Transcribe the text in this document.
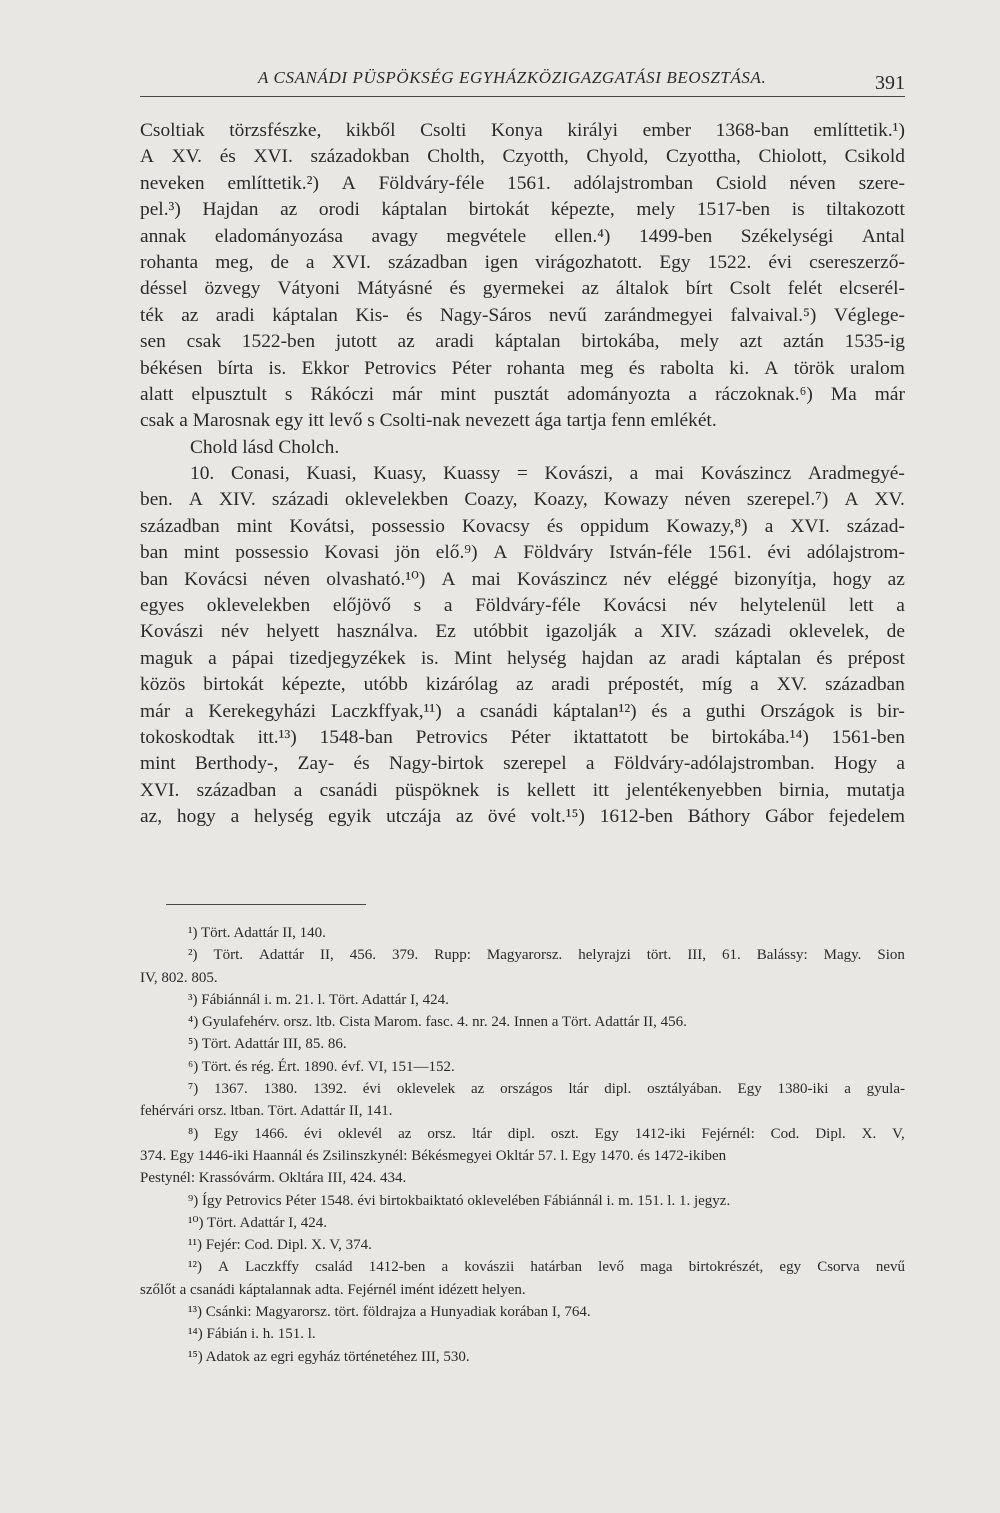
A CSANÁDI PÜSPÖKSÉG EGYHÁZKÖZIGAZGATÁSI BEOSZTÁSA.	391
Csoltiak törzsfészke, kikből Csolti Konya királyi ember 1368-ban említtetik.¹)
A XV. és XVI. századokban Cholth, Czyotth, Chyold, Czyottha, Chiolott, Csikold
neveken említtetik.²) A Földváry-féle 1561. adólajstromban Csiold néven szere-
pel.³) Hajdan az orodi káptalan birtokát képezte, mely 1517-ben is tiltakozott
annak eladományozása avagy megvétele ellen.⁴) 1499-ben Székelységi Antal
rohanta meg, de a XVI. században igen virágozhatott. Egy 1522. évi csereszerző-
déssel özvegy Vátyoni Mátyásné és gyermekei az általok bírt Csolt felét elcserél-
ték az aradi káptalan Kis- és Nagy-Sáros nevű zarándmegyei falvaival.⁵) Véglege-
sen csak 1522-ben jutott az aradi káptalan birtokába, mely azt aztán 1535-ig
békésen bírta is. Ekkor Petrovics Péter rohanta meg és rabolta ki. A török uralom
alatt elpusztult s Rákóczi már mint pusztát adományozta a ráczoknak.⁶) Ma már
csak a Marosnak egy itt levő s Csolti-nak nevezett ága tartja fenn emlékét.
Chold lásd Cholch.
10. Conasi, Kuasi, Kuasy, Kuassy = Kovászi, a mai Kovászincz Aradmegyé-
ben. A XIV. századi oklevelekben Coazy, Koazy, Kowazy néven szerepel.⁷) A XV.
században mint Kovátsi, possessio Kovacsy és oppidum Kowazy,⁸) a XVI. század-
ban mint possessio Kovasi jön elő.⁹) A Földváry István-féle 1561. évi adólajstrom-
ban Kovácsi néven olvasható.¹⁰) A mai Kovászincz név eléggé bizonyítja, hogy az
egyes oklevelekben előjövő s a Földváry-féle Kovácsi név helytelenül lett a
Kovászi név helyett használva. Ez utóbbit igazolják a XIV. századi oklevelek, de
maguk a pápai tizedjegyzékek is. Mint helység hajdan az aradi káptalan és prépost
közös birtokát képezte, utóbb kizárólag az aradi prépostét, míg a XV. században
már a Kerekegyházi Laczkffyak,¹¹) a csanádi káptalan¹²) és a guthi Országok is bir-
tokoskodtak itt.¹³) 1548-ban Petrovics Péter iktattatott be birtokába.¹⁴) 1561-ben
mint Berthody-, Zay- és Nagy-birtok szerepel a Földváry-adólajstromban. Hogy a
XVI. században a csanádi püspöknek is kellett itt jelentékenyebben birnia, mutatja
az, hogy a helység egyik utczája az övé volt.¹⁵) 1612-ben Báthory Gábor fejedelem
¹) Tört. Adattár II, 140.
²) Tört. Adattár II, 456. 379. Rupp: Magyarorsz. helyrajzi tört. III, 61. Balássy: Magy. Sion
IV, 802. 805.
³) Fábiánnál i. m. 21. l. Tört. Adattár I, 424.
⁴) Gyulafehérv. orsz. ltb. Cista Marom. fasc. 4. nr. 24. Innen a Tört. Adattár II, 456.
⁵) Tört. Adattár III, 85. 86.
⁶) Tört. és rég. Ért. 1890. évf. VI, 151—152.
⁷) 1367. 1380. 1392. évi oklevelek az országos ltár dipl. osztályában. Egy 1380-iki a gyula-
fehérvári orsz. ltban. Tört. Adattár II, 141.
⁸) Egy 1466. évi oklevél az orsz. ltár dipl. oszt. Egy 1412-iki Fejérnél: Cod. Dipl. X. V,
374. Egy 1446-iki Haannál és Zsilinszkynél: Békésmegyei Okltár 57. l. Egy 1470. és 1472-ikiben
Pestynél: Krassóvárm. Okltára III, 424. 434.
⁹) Így Petrovics Péter 1548. évi birtokbaiktató oklevelében Fábiánnál i. m. 151. l. 1. jegyz.
¹⁰) Tört. Adattár I, 424.
¹¹) Fejér: Cod. Dipl. X. V, 374.
¹²) A Laczkffy család 1412-ben a kovászii határban levő maga birtokrészét, egy Csorva nevű
szőlőt a csanádi káptalannak adta. Fejérnél imént idézett helyen.
¹³) Csánki: Magyarorsz. tört. földrajza a Hunyadiak korában I, 764.
¹⁴) Fábián i. h. 151. l.
¹⁵) Adatok az egri egyház történetéhez III, 530.
